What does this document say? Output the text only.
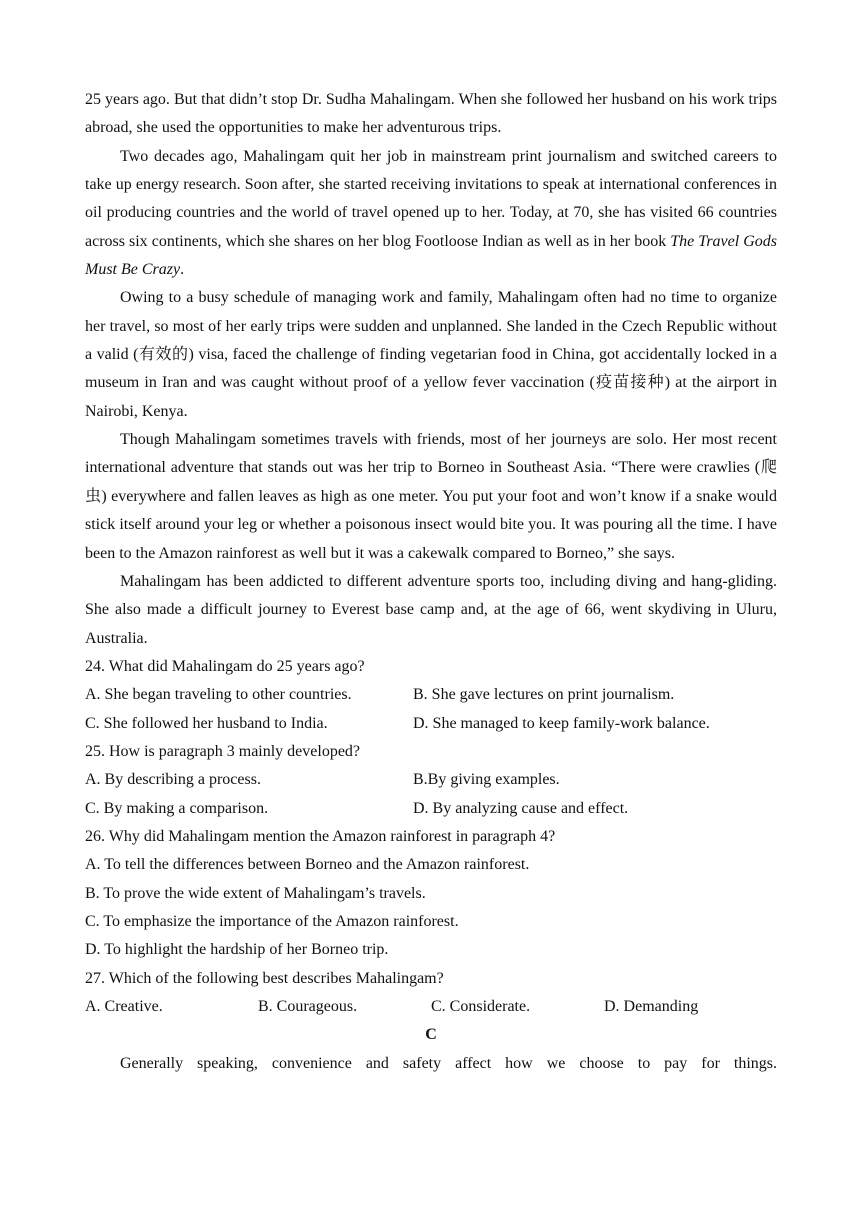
25 years ago. But that didn’t stop Dr. Sudha Mahalingam. When she followed her husband on his work trips abroad, she used the opportunities to make her adventurous trips.

Two decades ago, Mahalingam quit her job in mainstream print journalism and switched careers to take up energy research. Soon after, she started receiving invitations to speak at international conferences in oil producing countries and the world of travel opened up to her. Today, at 70, she has visited 66 countries across six continents, which she shares on her blog Footloose Indian as well as in her book The Travel Gods Must Be Crazy.

Owing to a busy schedule of managing work and family, Mahalingam often had no time to organize her travel, so most of her early trips were sudden and unplanned. She landed in the Czech Republic without a valid (有效的) visa, faced the challenge of finding vegetarian food in China, got accidentally locked in a museum in Iran and was caught without proof of a yellow fever vaccination (疫苗接种) at the airport in Nairobi, Kenya.

Though Mahalingam sometimes travels with friends, most of her journeys are solo. Her most recent international adventure that stands out was her trip to Borneo in Southeast Asia. “There were crawlies (爬虫) everywhere and fallen leaves as high as one meter. You put your foot and won’t know if a snake would stick itself around your leg or whether a poisonous insect would bite you. It was pouring all the time. I have been to the Amazon rainforest as well but it was a cakewalk compared to Borneo,” she says.

Mahalingam has been addicted to different adventure sports too, including diving and hang-gliding. She also made a difficult journey to Everest base camp and, at the age of 66, went skydiving in Uluru, Australia.

24. What did Mahalingam do 25 years ago?

A. She began traveling to other countries.	B. She gave lectures on print journalism.
C. She followed her husband to India.	D. She managed to keep family-work balance.

25. How is paragraph 3 mainly developed?

A. By describing a process.	B.By giving examples.
C. By making a comparison.	D. By analyzing cause and effect.

26. Why did Mahalingam mention the Amazon rainforest in paragraph 4?

A. To tell the differences between Borneo and the Amazon rainforest.

B. To prove the wide extent of Mahalingam’s travels.

C. To emphasize the importance of the Amazon rainforest.

D. To highlight the hardship of her Borneo trip.

27. Which of the following best describes Mahalingam?

A. Creative.	B. Courageous.	C. Considerate.	D. Demanding

C

Generally speaking, convenience and safety affect how we choose to pay for things.
